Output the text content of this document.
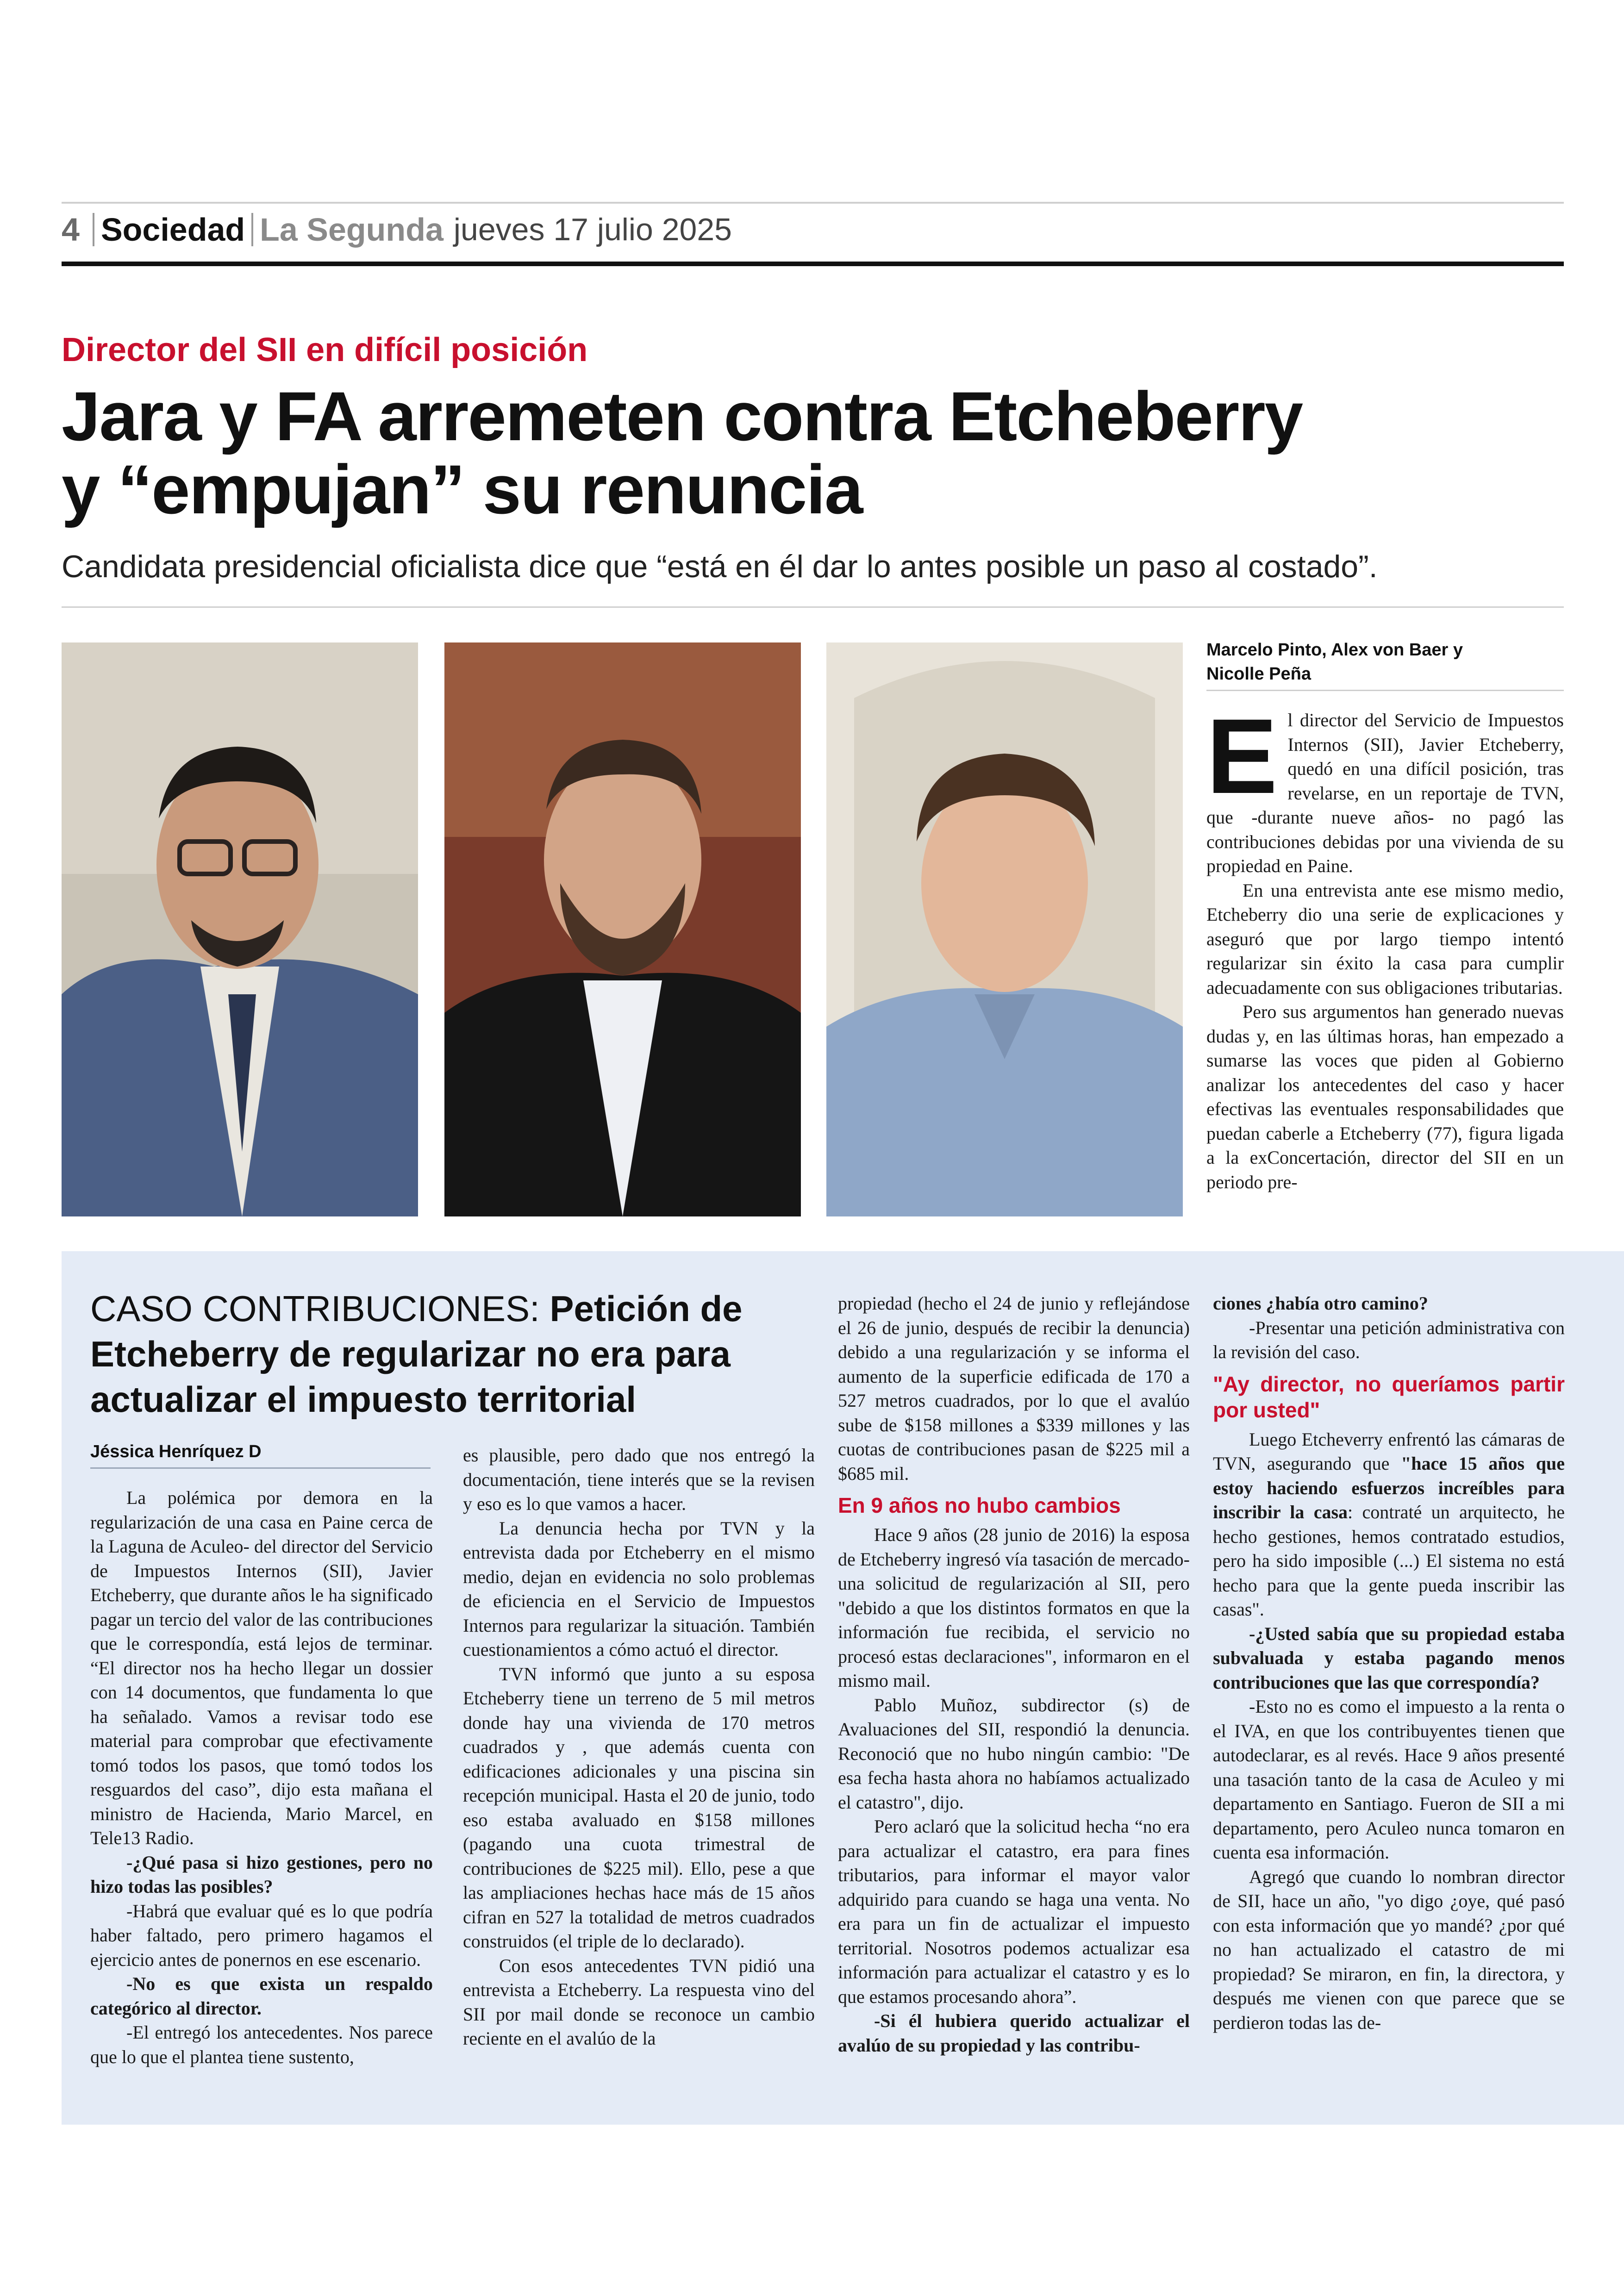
4 Sociedad La Segunda jueves 17 julio 2025
Director del SII en difícil posición
Jara y FA arremeten contra Etcheberry
y “empujan” su renuncia
Candidata presidencial oficialista dice que “está en él dar lo antes posible un paso al costado”.
Marcelo Pinto, Alex von Baer y
Nicolle Peña

El director del Servicio de Impuestos Internos (SII), Javier Etcheberry, quedó en una difícil posición, tras revelarse, en un reportaje de TVN, que -durante nueve años- no pagó las contribuciones debidas por una vivienda de su propiedad en Paine.

En una entrevista ante ese mismo medio, Etcheberry dio una serie de explicaciones y aseguró que por largo tiempo intentó regularizar sin éxito la casa para cumplir adecuadamente con sus obligaciones tributarias.

Pero sus argumentos han generado nuevas dudas y, en las últimas horas, han empezado a sumarse las voces que piden al Gobierno analizar los antecedentes del caso y hacer efectivas las eventuales responsabilidades que puedan caberle a Etcheberry (77), figura ligada a la exConcertación, director del SII en un periodo pre-

CASO CONTRIBUCIONES: Petición de Etcheberry de regularizar no era para actualizar el impuesto territorial
Jéssica Henríquez D

La polémica por demora en la regularización de una casa en Paine cerca de la Laguna de Aculeo- del director del Servicio de Impuestos Internos (SII), Javier Etcheberry, que durante años le ha significado pagar un tercio del valor de las contribuciones que le correspondía, está lejos de terminar. “El director nos ha hecho llegar un dossier con 14 documentos, que fundamenta lo que ha señalado. Vamos a revisar todo ese material para comprobar que efectivamente tomó todos los pasos, que tomó todos los resguardos del caso”, dijo esta mañana el ministro de Hacienda, Mario Marcel, en Tele13 Radio.

-¿Qué pasa si hizo gestiones, pero no hizo todas las posibles?

-Habrá que evaluar qué es lo que podría haber faltado, pero primero hagamos el ejercicio antes de ponernos en ese escenario.

-No es que exista un respaldo categórico al director.

-El entregó los antecedentes. Nos parece que lo que el plantea tiene sustento,

es plausible, pero dado que nos entregó la documentación, tiene interés que se la revisen y eso es lo que vamos a hacer.

La denuncia hecha por TVN y la entrevista dada por Etcheberry en el mismo medio, dejan en evidencia no solo problemas de eficiencia en el Servicio de Impuestos Internos para regularizar la situación. También cuestionamientos a cómo actuó el director.

TVN informó que junto a su esposa Etcheberry tiene un terreno de 5 mil metros donde hay una vivienda de 170 metros cuadrados y , que además cuenta con edificaciones adicionales y una piscina sin recepción municipal. Hasta el 20 de junio, todo eso estaba avaluado en $158 millones (pagando una cuota trimestral de contribuciones de $225 mil). Ello, pese a que las ampliaciones hechas hace más de 15 años cifran en 527 la totalidad de metros cuadrados construidos (el triple de lo declarado).

Con esos antecedentes TVN pidió una entrevista a Etcheberry. La respuesta vino del SII por mail donde se reconoce un cambio reciente en el avalúo de la

propiedad (hecho el 24 de junio y reflejándose el 26 de junio, después de recibir la denuncia) debido a una regularización y se informa el aumento de la superficie edificada de 170 a 527 metros cuadrados, por lo que el avalúo sube de $158 millones a $339 millones y las cuotas de contribuciones pasan de $225 mil a $685 mil.

En 9 años no hubo cambios

Hace 9 años (28 junio de 2016) la esposa de Etcheberry ingresó vía tasación de mercado- una solicitud de regularización al SII, pero "debido a que los distintos formatos en que la información fue recibida, el servicio no procesó estas declaraciones", informaron en el mismo mail.

Pablo Muñoz, subdirector (s) de Avaluaciones del SII, respondió la denuncia. Reconoció que no hubo ningún cambio: "De esa fecha hasta ahora no habíamos actualizado el catastro", dijo.

Pero aclaró que la solicitud hecha “no era para actualizar el catastro, era para fines tributarios, para informar el mayor valor adquirido para cuando se haga una venta. No era para un fin de actualizar el impuesto territorial. Nosotros podemos actualizar esa información para actualizar el catastro y es lo que estamos procesando ahora”.

-Si él hubiera querido actualizar el avalúo de su propiedad y las contribu-

ciones ¿había otro camino?

-Presentar una petición administrativa con la revisión del caso.

"Ay director, no queríamos partir por usted"

Luego Etcheverry enfrentó las cámaras de TVN, asegurando que "hace 15 años que estoy haciendo esfuerzos increíbles para inscribir la casa: contraté un arquitecto, he hecho gestiones, hemos contratado estudios, pero ha sido imposible (...) El sistema no está hecho para que la gente pueda inscribir las casas".

-¿Usted sabía que su propiedad estaba subvaluada y estaba pagando menos contribuciones que las que correspondía?

-Esto no es como el impuesto a la renta o el IVA, en que los contribuyentes tienen que autodeclarar, es al revés. Hace 9 años presenté una tasación tanto de la casa de Aculeo y mi departamento en Santiago. Fueron de SII a mi departamento, pero Aculeo nunca tomaron en cuenta esa información.

Agregó que cuando lo nombran director de SII, hace un año, "yo digo ¿oye, qué pasó con esta información que yo mandé? ¿por qué no han actualizado el catastro de mi propiedad? Se miraron, en fin, la directora, y después me vienen con que parece que se perdieron todas las de-
